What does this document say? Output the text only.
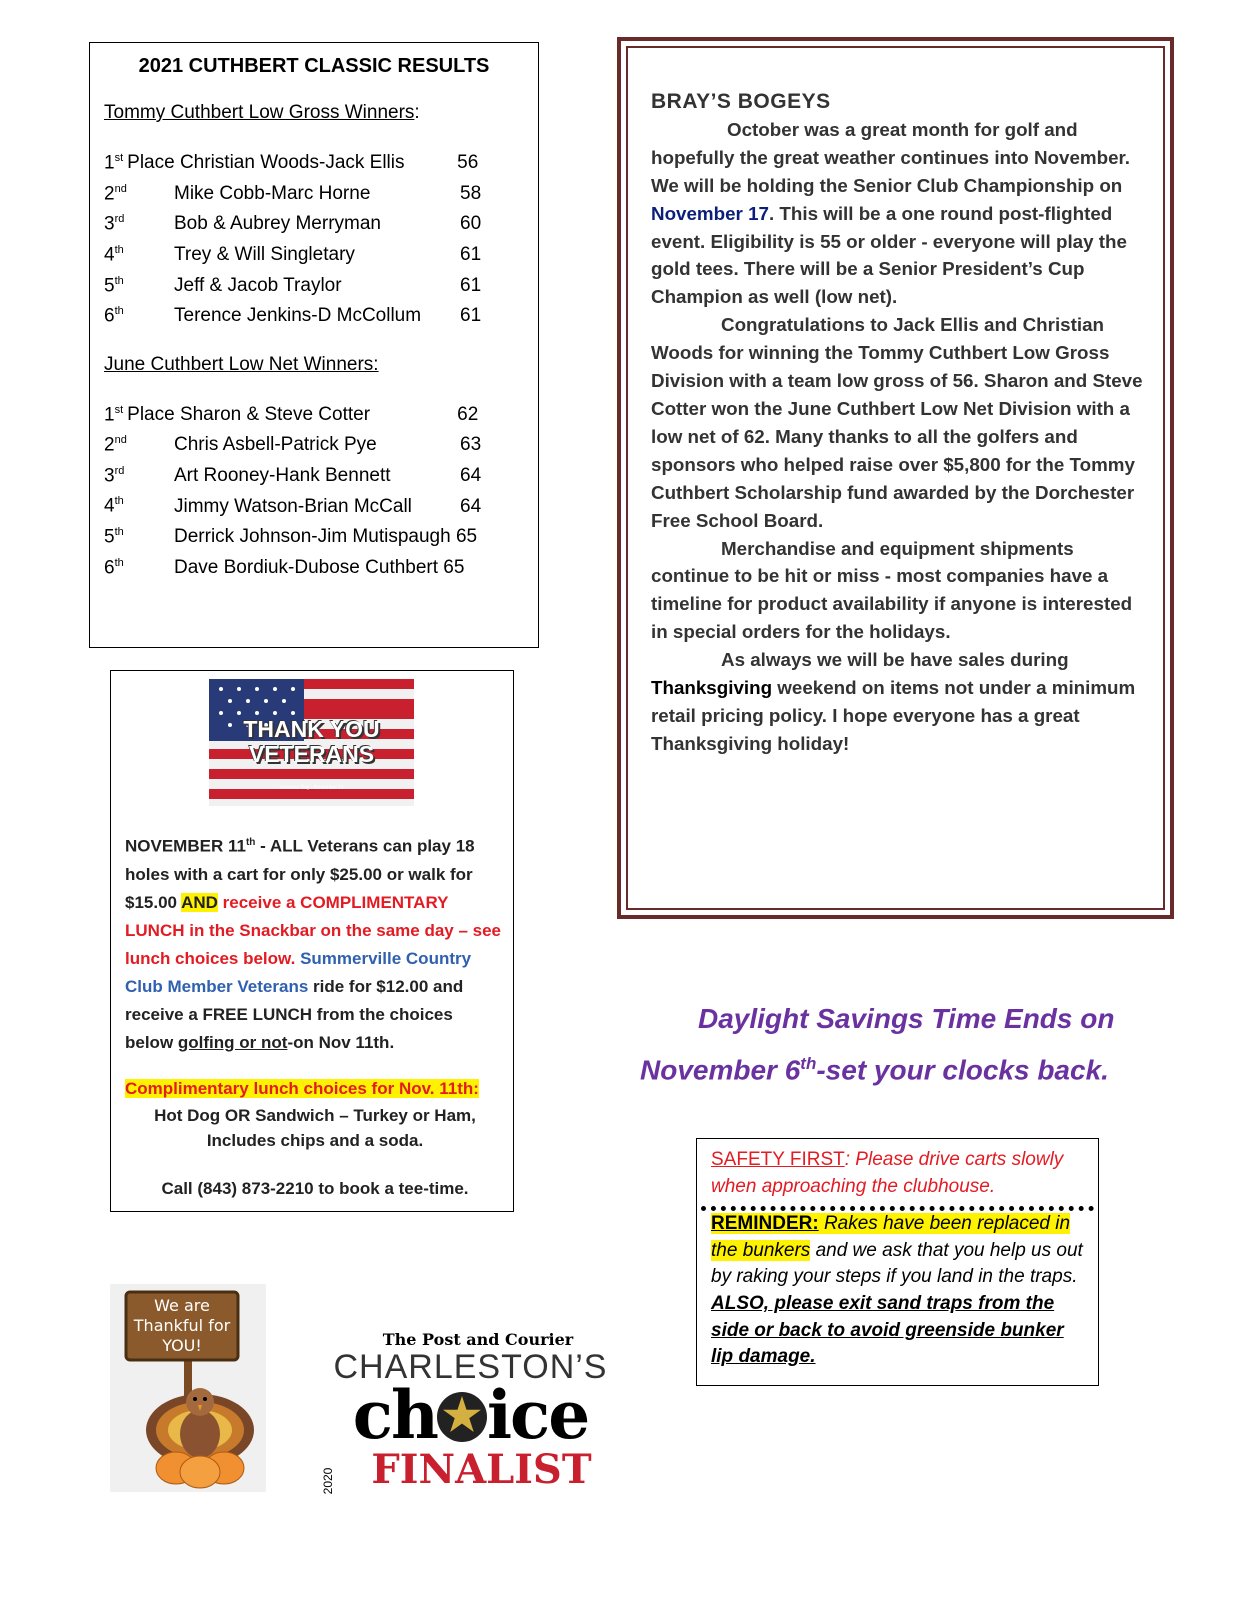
2021 CUTHBERT CLASSIC RESULTS
Tommy Cuthbert Low Gross Winners:
1st Place Christian Woods-Jack Ellis	56
2nd	Mike Cobb-Marc Horne	58
3rd	Bob & Aubrey Merryman	60
4th	Trey & Will Singletary	61
5th	Jeff & Jacob Traylor	61
6th	Terence Jenkins-D McCollum	61
June Cuthbert Low Net Winners:
1st Place Sharon & Steve Cotter	62
2nd	Chris Asbell-Patrick Pye	63
3rd	Art Rooney-Hank Bennett	64
4th	Jimmy Watson-Brian McCall	64
5th	Derrick Johnson-Jim Mutispaugh 65
6th	Dave Bordiuk-Dubose Cuthbert 65
BRAY’S BOGEYS

October was a great month for golf and hopefully the great weather continues into November. We will be holding the Senior Club Championship on November 17. This will be a one round post-flighted event. Eligibility is 55 or older - everyone will play the gold tees. There will be a Senior President’s Cup Champion as well (low net).

Congratulations to Jack Ellis and Christian Woods for winning the Tommy Cuthbert Low Gross Division with a team low gross of 56. Sharon and Steve Cotter won the June Cuthbert Low Net Division with a low net of 62. Many thanks to all the golfers and sponsors who helped raise over $5,800 for the Tommy Cuthbert Scholarship fund awarded by the Dorchester Free School Board.

Merchandise and equipment shipments continue to be hit or miss - most companies have a timeline for product availability if anyone is interested in special orders for the holidays.

As always we will be have sales during Thanksgiving weekend on items not under a minimum retail pricing policy. I hope everyone has a great Thanksgiving holiday!

THANK YOU
VETERANS
Veterans Day - November 11
NOVEMBER 11th - ALL Veterans can play 18 holes with a cart for only $25.00 or walk for $15.00 AND receive a COMPLIMENTARY LUNCH in the Snackbar on the same day – see lunch choices below. Summerville Country Club Member Veterans ride for $12.00 and receive a FREE LUNCH from the choices below golfing or not-on Nov 11th.
Complimentary lunch choices for Nov. 11th:
Hot Dog OR Sandwich – Turkey or Ham,
Includes chips and a soda.
Call (843) 873-2210 to book a tee-time.
Daylight Savings Time Ends on
November 6th-set your clocks back.
SAFETY FIRST: Please drive carts slowly when approaching the clubhouse.
REMINDER: Rakes have been replaced in the bunkers and we ask that you help us out by raking your steps if you land in the traps. ALSO, please exit sand traps from the side or back to avoid greenside bunker lip damage.
We are
Thankful for
YOU!	The Post and Courier
CHARLESTON’S
ch ★ ice
2020 FINALIST
